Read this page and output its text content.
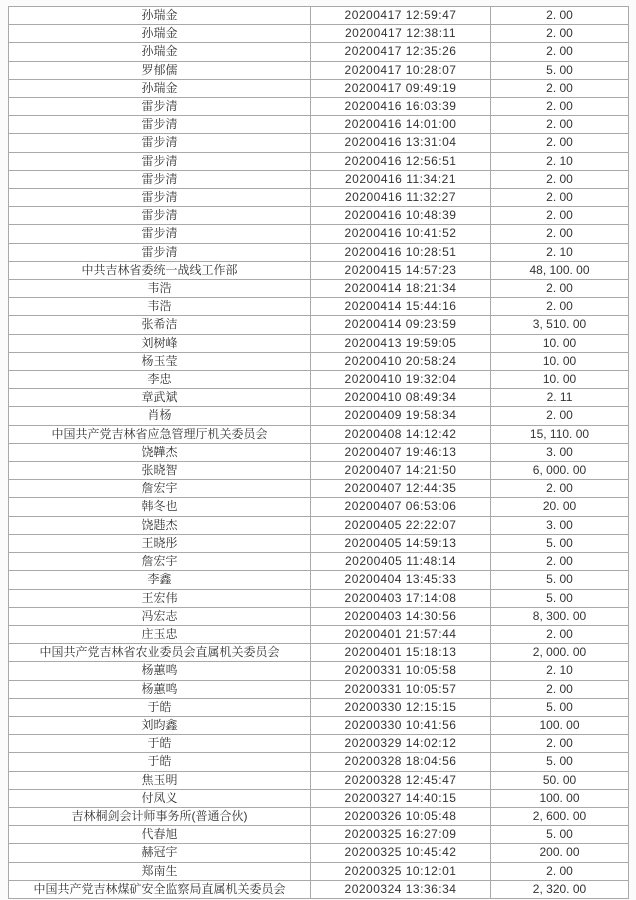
孙瑞金	20200417 12:59:47	2. 00
孙瑞金	20200417 12:38:11	2. 00
孙瑞金	20200417 12:35:26	2. 00
罗郁儒	20200417 10:28:07	5. 00
孙瑞金	20200417 09:49:19	2. 00
雷步清	20200416 16:03:39	2. 00
雷步清	20200416 14:01:00	2. 00
雷步清	20200416 13:31:04	2. 00
雷步清	20200416 12:56:51	2. 10
雷步清	20200416 11:34:21	2. 00
雷步清	20200416 11:32:27	2. 00
雷步清	20200416 10:48:39	2. 00
雷步清	20200416 10:41:52	2. 00
雷步清	20200416 10:28:51	2. 10
中共吉林省委统一战线工作部	20200415 14:57:23	48, 100. 00
韦浩	20200414 18:21:34	2. 00
韦浩	20200414 15:44:16	2. 00
张希洁	20200414 09:23:59	3, 510. 00
刘树峰	20200413 19:59:05	10. 00
杨玉莹	20200410 20:58:24	10. 00
李忠	20200410 19:32:04	10. 00
章武斌	20200410 08:49:34	2. 11
肖杨	20200409 19:58:34	2. 00
中国共产党吉林省应急管理厅机关委员会	20200408 14:12:42	15, 110. 00
饶韡杰	20200407 19:46:13	3. 00
张晓智	20200407 14:21:50	6, 000. 00
詹宏宇	20200407 12:44:35	2. 00
韩冬也	20200407 06:53:06	20. 00
饶韪杰	20200405 22:22:07	3. 00
王晓彤	20200405 14:59:13	5. 00
詹宏宇	20200405 11:48:14	2. 00
李鑫	20200404 13:45:33	5. 00
王宏伟	20200403 17:14:08	5. 00
冯宏志	20200403 14:30:56	8, 300. 00
庄玉忠	20200401 21:57:44	2. 00
中国共产党吉林省农业委员会直属机关委员会	20200401 15:18:13	2, 000. 00
杨蕙鸣	20200331 10:05:58	2. 10
杨蕙鸣	20200331 10:05:57	2. 00
于皓	20200330 12:15:15	5. 00
刘昀鑫	20200330 10:41:56	100. 00
于皓	20200329 14:02:12	2. 00
于皓	20200328 18:04:56	5. 00
焦玉明	20200328 12:45:47	50. 00
付凤义	20200327 14:40:15	100. 00
吉林桐剑会计师事务所(普通合伙)	20200326 10:05:48	2, 600. 00
代春旭	20200325 16:27:09	5. 00
赫冠宇	20200325 10:45:42	200. 00
郑南生	20200325 10:12:01	2. 00
中国共产党吉林煤矿安全监察局直属机关委员会	20200324 13:36:34	2, 320. 00
